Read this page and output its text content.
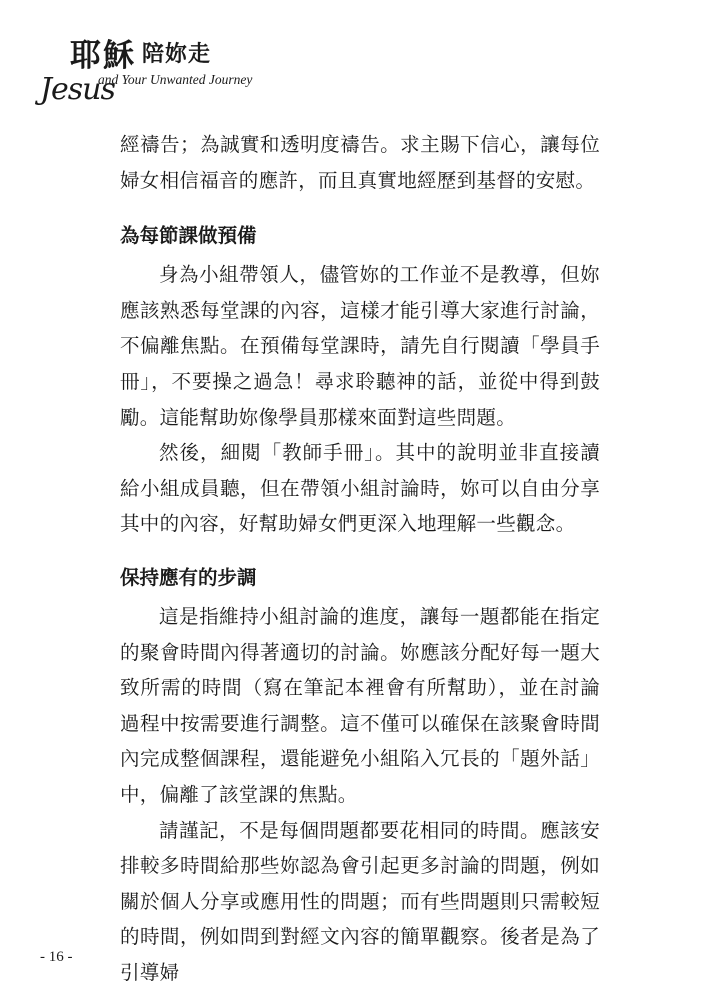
耶穌 陪妳走
Jesus
and Your Unwanted Journey

經禱告；為誠實和透明度禱告。求主賜下信心，讓每位婦女相信福音的應許，而且真實地經歷到基督的安慰。

為每節課做預備

身為小組帶領人，儘管妳的工作並不是教導，但妳應該熟悉每堂課的內容，這樣才能引導大家進行討論，不偏離焦點。在預備每堂課時，請先自行閱讀「學員手冊」，不要操之過急！尋求聆聽神的話，並從中得到鼓勵。這能幫助妳像學員那樣來面對這些問題。

然後，細閱「教師手冊」。其中的說明並非直接讀給小組成員聽，但在帶領小組討論時，妳可以自由分享其中的內容，好幫助婦女們更深入地理解一些觀念。

保持應有的步調

這是指維持小組討論的進度，讓每一題都能在指定的聚會時間內得著適切的討論。妳應該分配好每一題大致所需的時間（寫在筆記本裡會有所幫助），並在討論過程中按需要進行調整。這不僅可以確保在該聚會時間內完成整個課程，還能避免小組陷入冗長的「題外話」中，偏離了該堂課的焦點。

請謹記，不是每個問題都要花相同的時間。應該安排較多時間給那些妳認為會引起更多討論的問題，例如關於個人分享或應用性的問題；而有些問題則只需較短的時間，例如問到對經文內容的簡單觀察。後者是為了引導婦

- 16 -
